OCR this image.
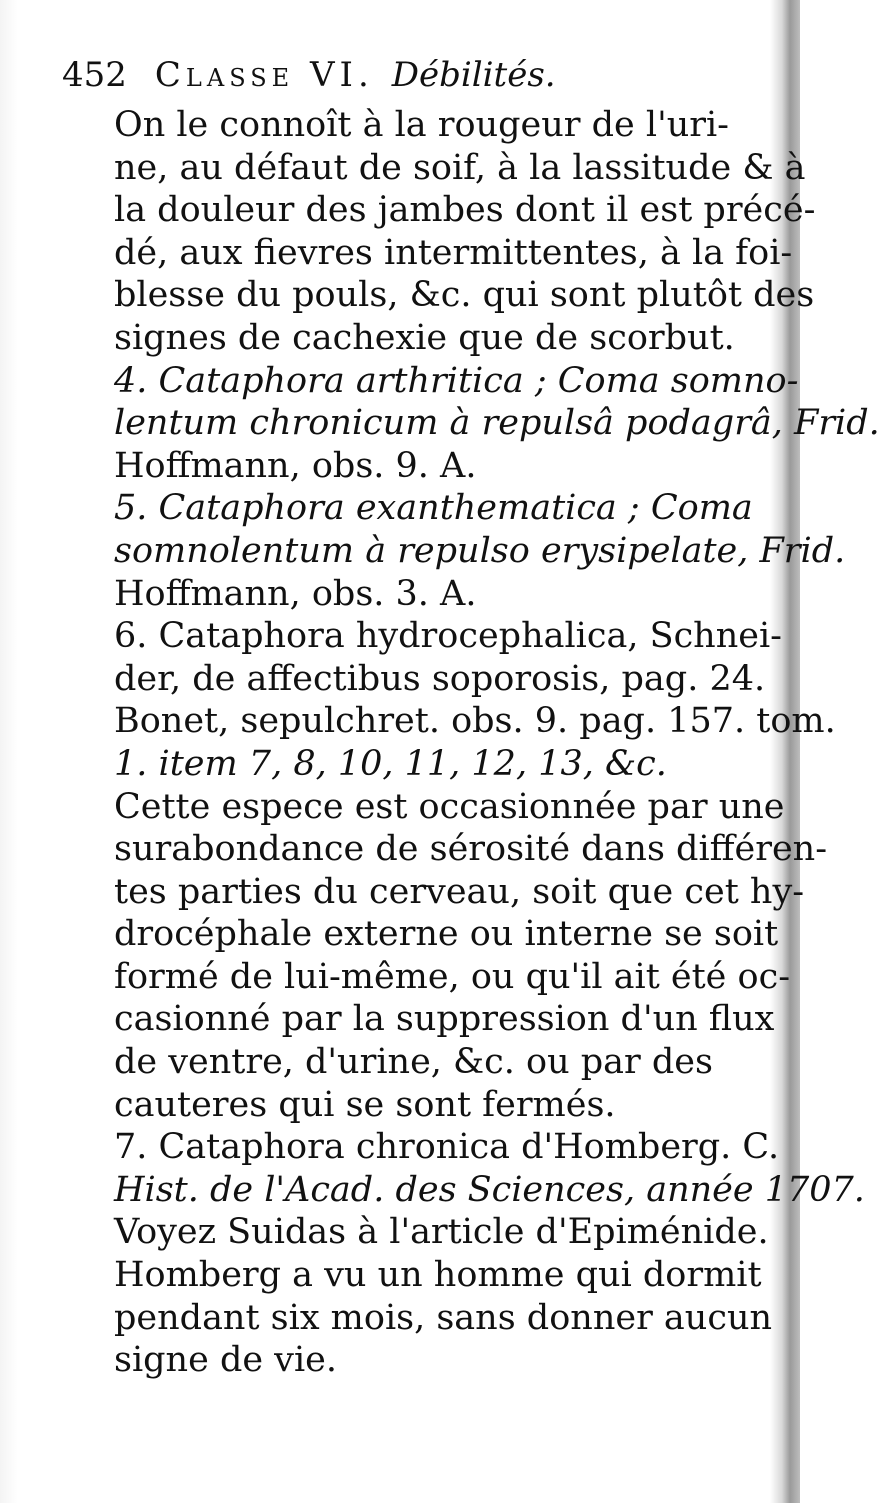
452 Classe VI. Débilités.

On le connoît à la rougeur de l'uri-
ne, au défaut de soif, à la lassitude & à
la douleur des jambes dont il est précé-
dé, aux fievres intermittentes, à la foi-
blesse du pouls, &c. qui sont plutôt des
signes de cachexie que de scorbut.

4. Cataphora arthritica ; Coma somno-
lentum chronicum à repulsâ podagrâ, Frid.
Hoffmann, obs. 9. A.

5. Cataphora exanthematica ; Coma
somnolentum à repulso erysipelate, Frid.
Hoffmann, obs. 3. A.

6. Cataphora hydrocephalica, Schnei-
der, de affectibus soporosis, pag. 24.
Bonet, sepulchret. obs. 9. pag. 157. tom.
1. item 7, 8, 10, 11, 12, 13, &c.

Cette espece est occasionnée par une
surabondance de sérosité dans différen-
tes parties du cerveau, soit que cet hy-
drocéphale externe ou interne se soit
formé de lui-même, ou qu'il ait été oc-
casionné par la suppression d'un flux
de ventre, d'urine, &c. ou par des
cauteres qui se sont fermés.

7. Cataphora chronica d'Homberg. C.
Hist. de l'Acad. des Sciences, année 1707.
Voyez Suidas à l'article d'Epiménide.
Homberg a vu un homme qui dormit
pendant six mois, sans donner aucun
signe de vie.
